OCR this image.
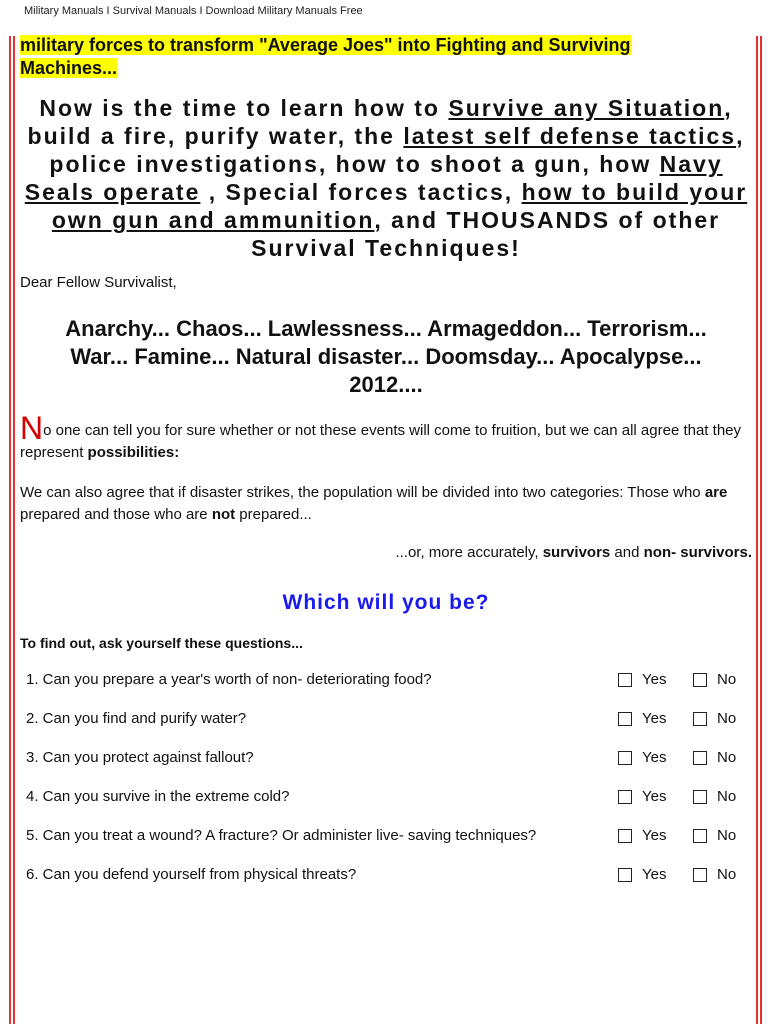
Military Manuals I Survival Manuals I Download Military Manuals Free
military forces to transform "Average Joes" into Fighting and Surviving
Machines...
Now is the time to learn how to Survive any Situation, build a fire, purify water, the latest self defense tactics, police investigations, how to shoot a gun, how Navy Seals operate , Special forces tactics, how to build your own gun and ammunition, and THOUSANDS of other Survival Techniques!
Dear Fellow Survivalist,
Anarchy... Chaos... Lawlessness... Armageddon... Terrorism... War... Famine... Natural disaster... Doomsday... Apocalypse... 2012....
No one can tell you for sure whether or not these events will come to fruition, but we can all agree that they represent possibilities:
We can also agree that if disaster strikes, the population will be divided into two categories: Those who are prepared and those who are not prepared...
...or, more accurately, survivors and non- survivors.
Which will you be?
To find out, ask yourself these questions...
1. Can you prepare a year's worth of non- deteriorating food?	Yes	No
2. Can you find and purify water?	Yes	No
3. Can you protect against fallout?	Yes	No
4. Can you survive in the extreme cold?	Yes	No
5. Can you treat a wound? A fracture? Or administer live- saving techniques?	Yes	No
6. Can you defend yourself from physical threats?	Yes	No
